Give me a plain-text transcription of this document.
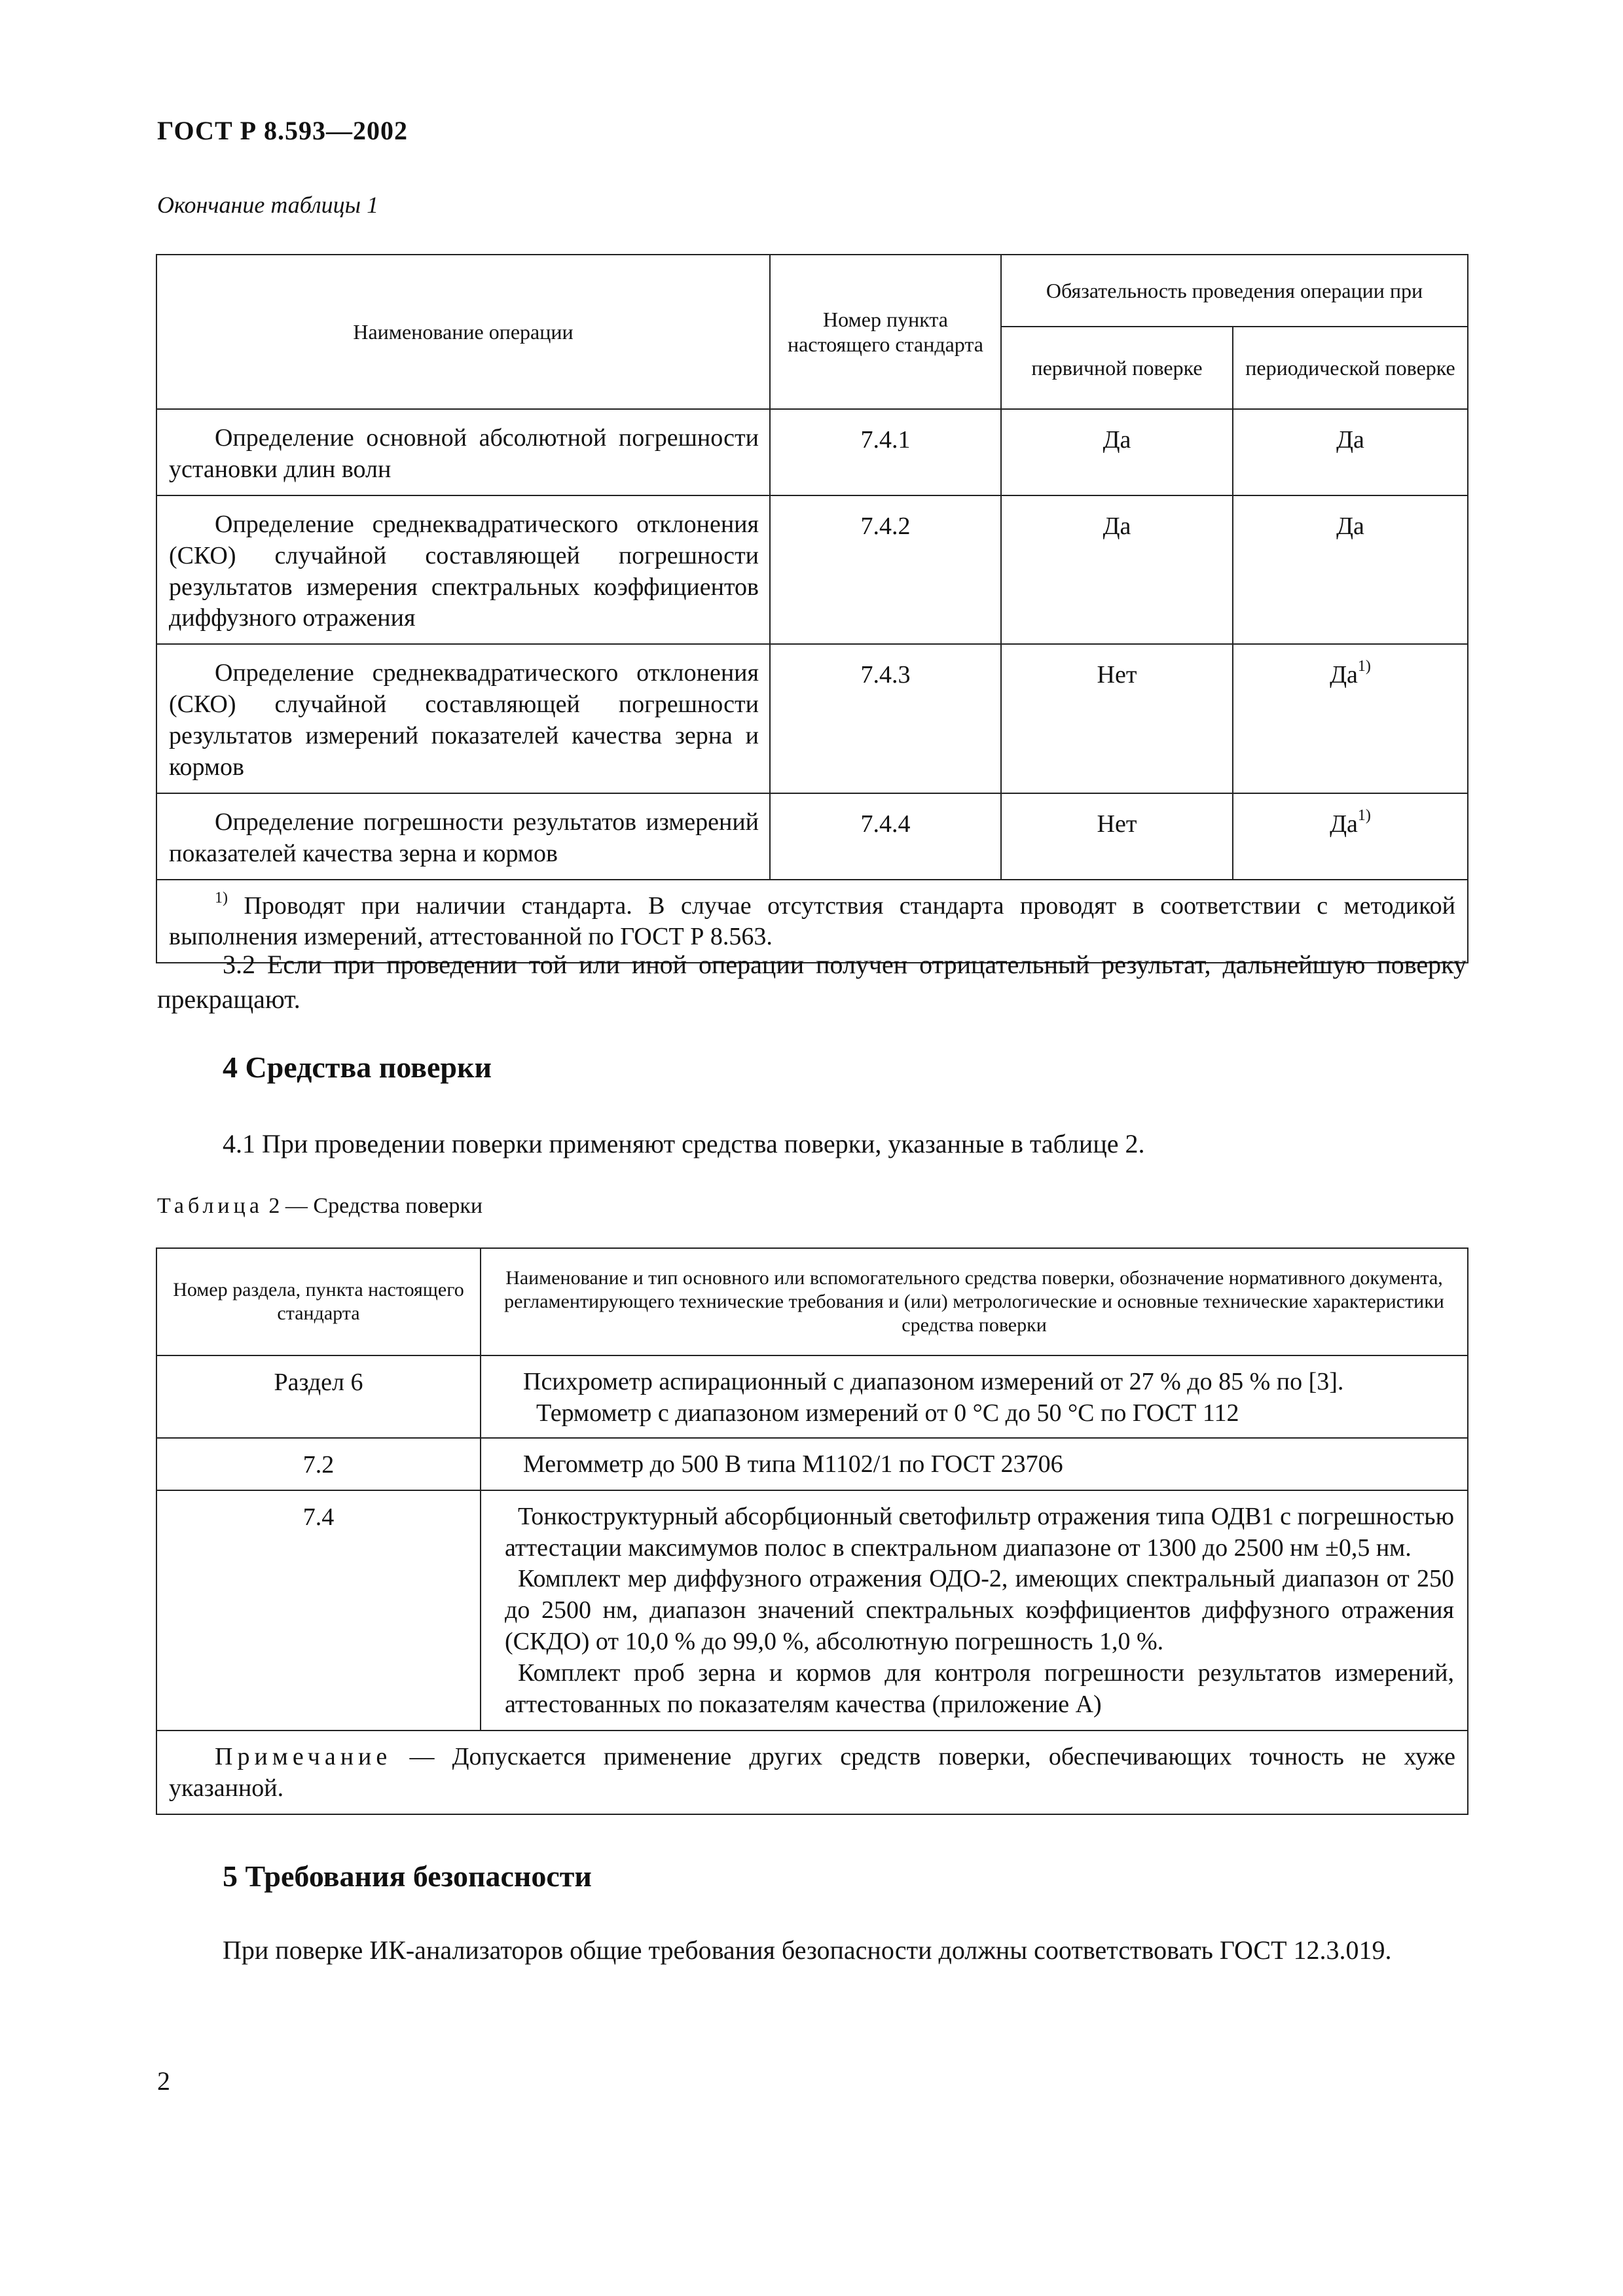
ГОСТ Р 8.593—2002
Окончание таблицы 1
Наименование операции	Номер пункта настоящего стандарта	Обязательность проведения операции при	
		первичной поверке	периодической поверке

Определение основной абсолютной погрешности установки длин волн	7.4.1	Да	Да

Определение среднеквадратического отклонения (СКО) случайной составляющей погрешности результатов измерения спектральных коэффициентов диффузного отражения	7.4.2	Да	Да

Определение среднеквадратического отклонения (СКО) случайной составляющей погрешности результатов измерений показателей качества зерна и кормов	7.4.3	Нет	$Да^{1)}$

Определение погрешности результатов измерений показателей качества зерна и кормов	7.4.4	Нет	$Да^{1)}$

$^{1)}$ Проводят при наличии стандарта. В случае отсутствия стандарта проводят в соответствии с методикой выполнения измерений, аттестованной по ГОСТ Р 8.563.			
3.2 Если при проведении той или иной операции получен отрицательный результат, дальнейшую поверку прекращают.
4 Средства поверки
4.1 При проведении поверки применяют средства поверки, указанные в таблице 2.
Таблица 2 — Средства поверки
Номер раздела, пункта настоящего стандарта	Наименование и тип основного или вспомогательного средства поверки, обозначение нормативного документа, регламентирующего технические требования и (или) метрологические и основные технические характеристики средства поверки
Раздел 6	Психрометр аспирационный с диапазоном измерений от 27 % до 85 % по [3].
Термометр с диапазоном измерений от 0 °С до 50 °С по ГОСТ 112

7.2	Мегомметр до 500 В типа М1102/1 по ГОСТ 23706

7.4	Тонкоструктурный абсорбционный светофильтр отражения типа ОДВ1 с погрешностью аттестации максимумов полос в спектральном диапазоне от 1300 до 2500 нм ±0,5 нм.
Комплект мер диффузного отражения ОДО-2, имеющих спектральный диапазон от 250 до 2500 нм, диапазон значений спектральных коэффициентов диффузного отражения (СКДО) от 10,0 % до 99,0 %, абсолютную погрешность 1,0 %.
Комплект проб зерна и кормов для контроля погрешности результатов измерений, аттестованных по показателям качества (приложение А)

Примечание — Допускается применение других средств поверки, обеспечивающих точность не хуже указанной.	
5 Требования безопасности
При поверке ИК-анализаторов общие требования безопасности должны соответствовать ГОСТ 12.3.019.
2
